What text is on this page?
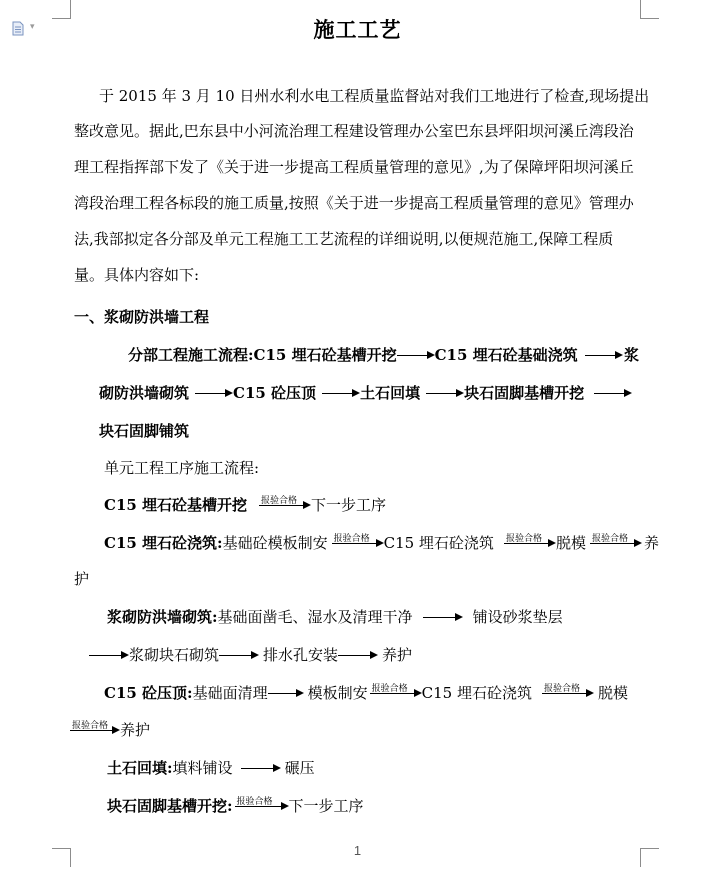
▾	施工工艺
于 2015 年 3 月 10 日州水利水电工程质量监督站对我们工地进行了检查,现场提出
整改意见。据此,巴东县中小河流治理工程建设管理办公室巴东县坪阳坝河溪丘湾段治
理工程指挥部下发了《关于进一步提高工程质量管理的意见》,为了保障坪阳坝河溪丘
湾段治理工程各标段的施工质量,按照《关于进一步提高工程质量管理的意见》管理办
法,我部拟定各分部及单元工程施工工艺流程的详细说明,以便规范施工,保障工程质
量。具体内容如下:
一、浆砌防洪墙工程
分部工程施工流程:C15 埋石砼基槽开挖	C15 埋石砼基础浇筑	浆
砌防洪墙砌筑	C15 砼压顶	土石回填	块石固脚基槽开挖
块石固脚铺筑
单元工程工序施工流程:
C15 埋石砼基槽开挖 报验合格 下一步工序
C15 埋石砼浇筑:基础砼模板制安 报验合格 C15 埋石砼浇筑 报验合格 脱模 报验合格 养
护
浆砌防洪墙砌筑:基础面凿毛、湿水及清理干净	铺设砂浆垫层
浆砌块石砌筑	排水孔安装	养护
C15 砼压顶:基础面清理	模板制安 报验合格 C15 埋石砼浇筑 报验合格 脱模
报验合格 养护
土石回填:填料铺设	碾压
块石固脚基槽开挖: 报验合格 下一步工序
1
